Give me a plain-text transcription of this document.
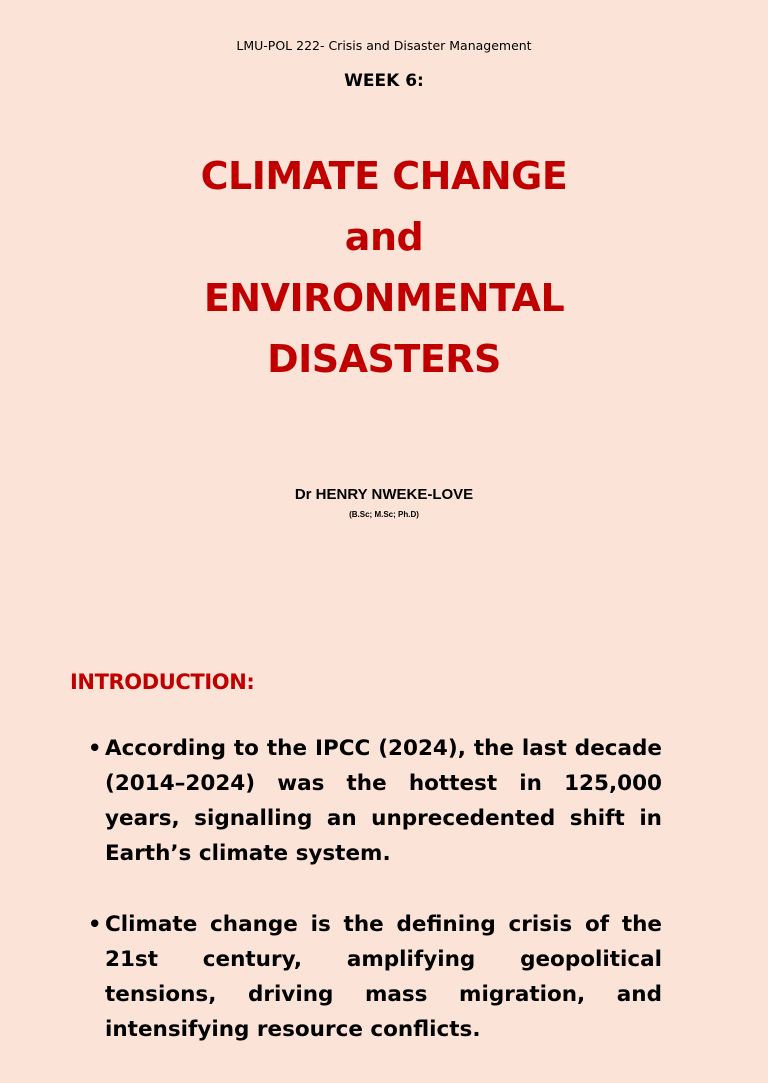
LMU-POL 222- Crisis and Disaster Management
WEEK 6:
CLIMATE CHANGE
and
ENVIRONMENTAL
DISASTERS
Dr HENRY NWEKE-LOVE
(B.Sc; M.Sc; Ph.D)
INTRODUCTION:
• According to the IPCC (2024), the last decade (2014–2024) was the hottest in 125,000 years, signalling an unprecedented shift in Earth’s climate system.
• Climate change is the defining crisis of the 21st century, amplifying geopolitical tensions, driving mass migration, and intensifying resource conflicts.
